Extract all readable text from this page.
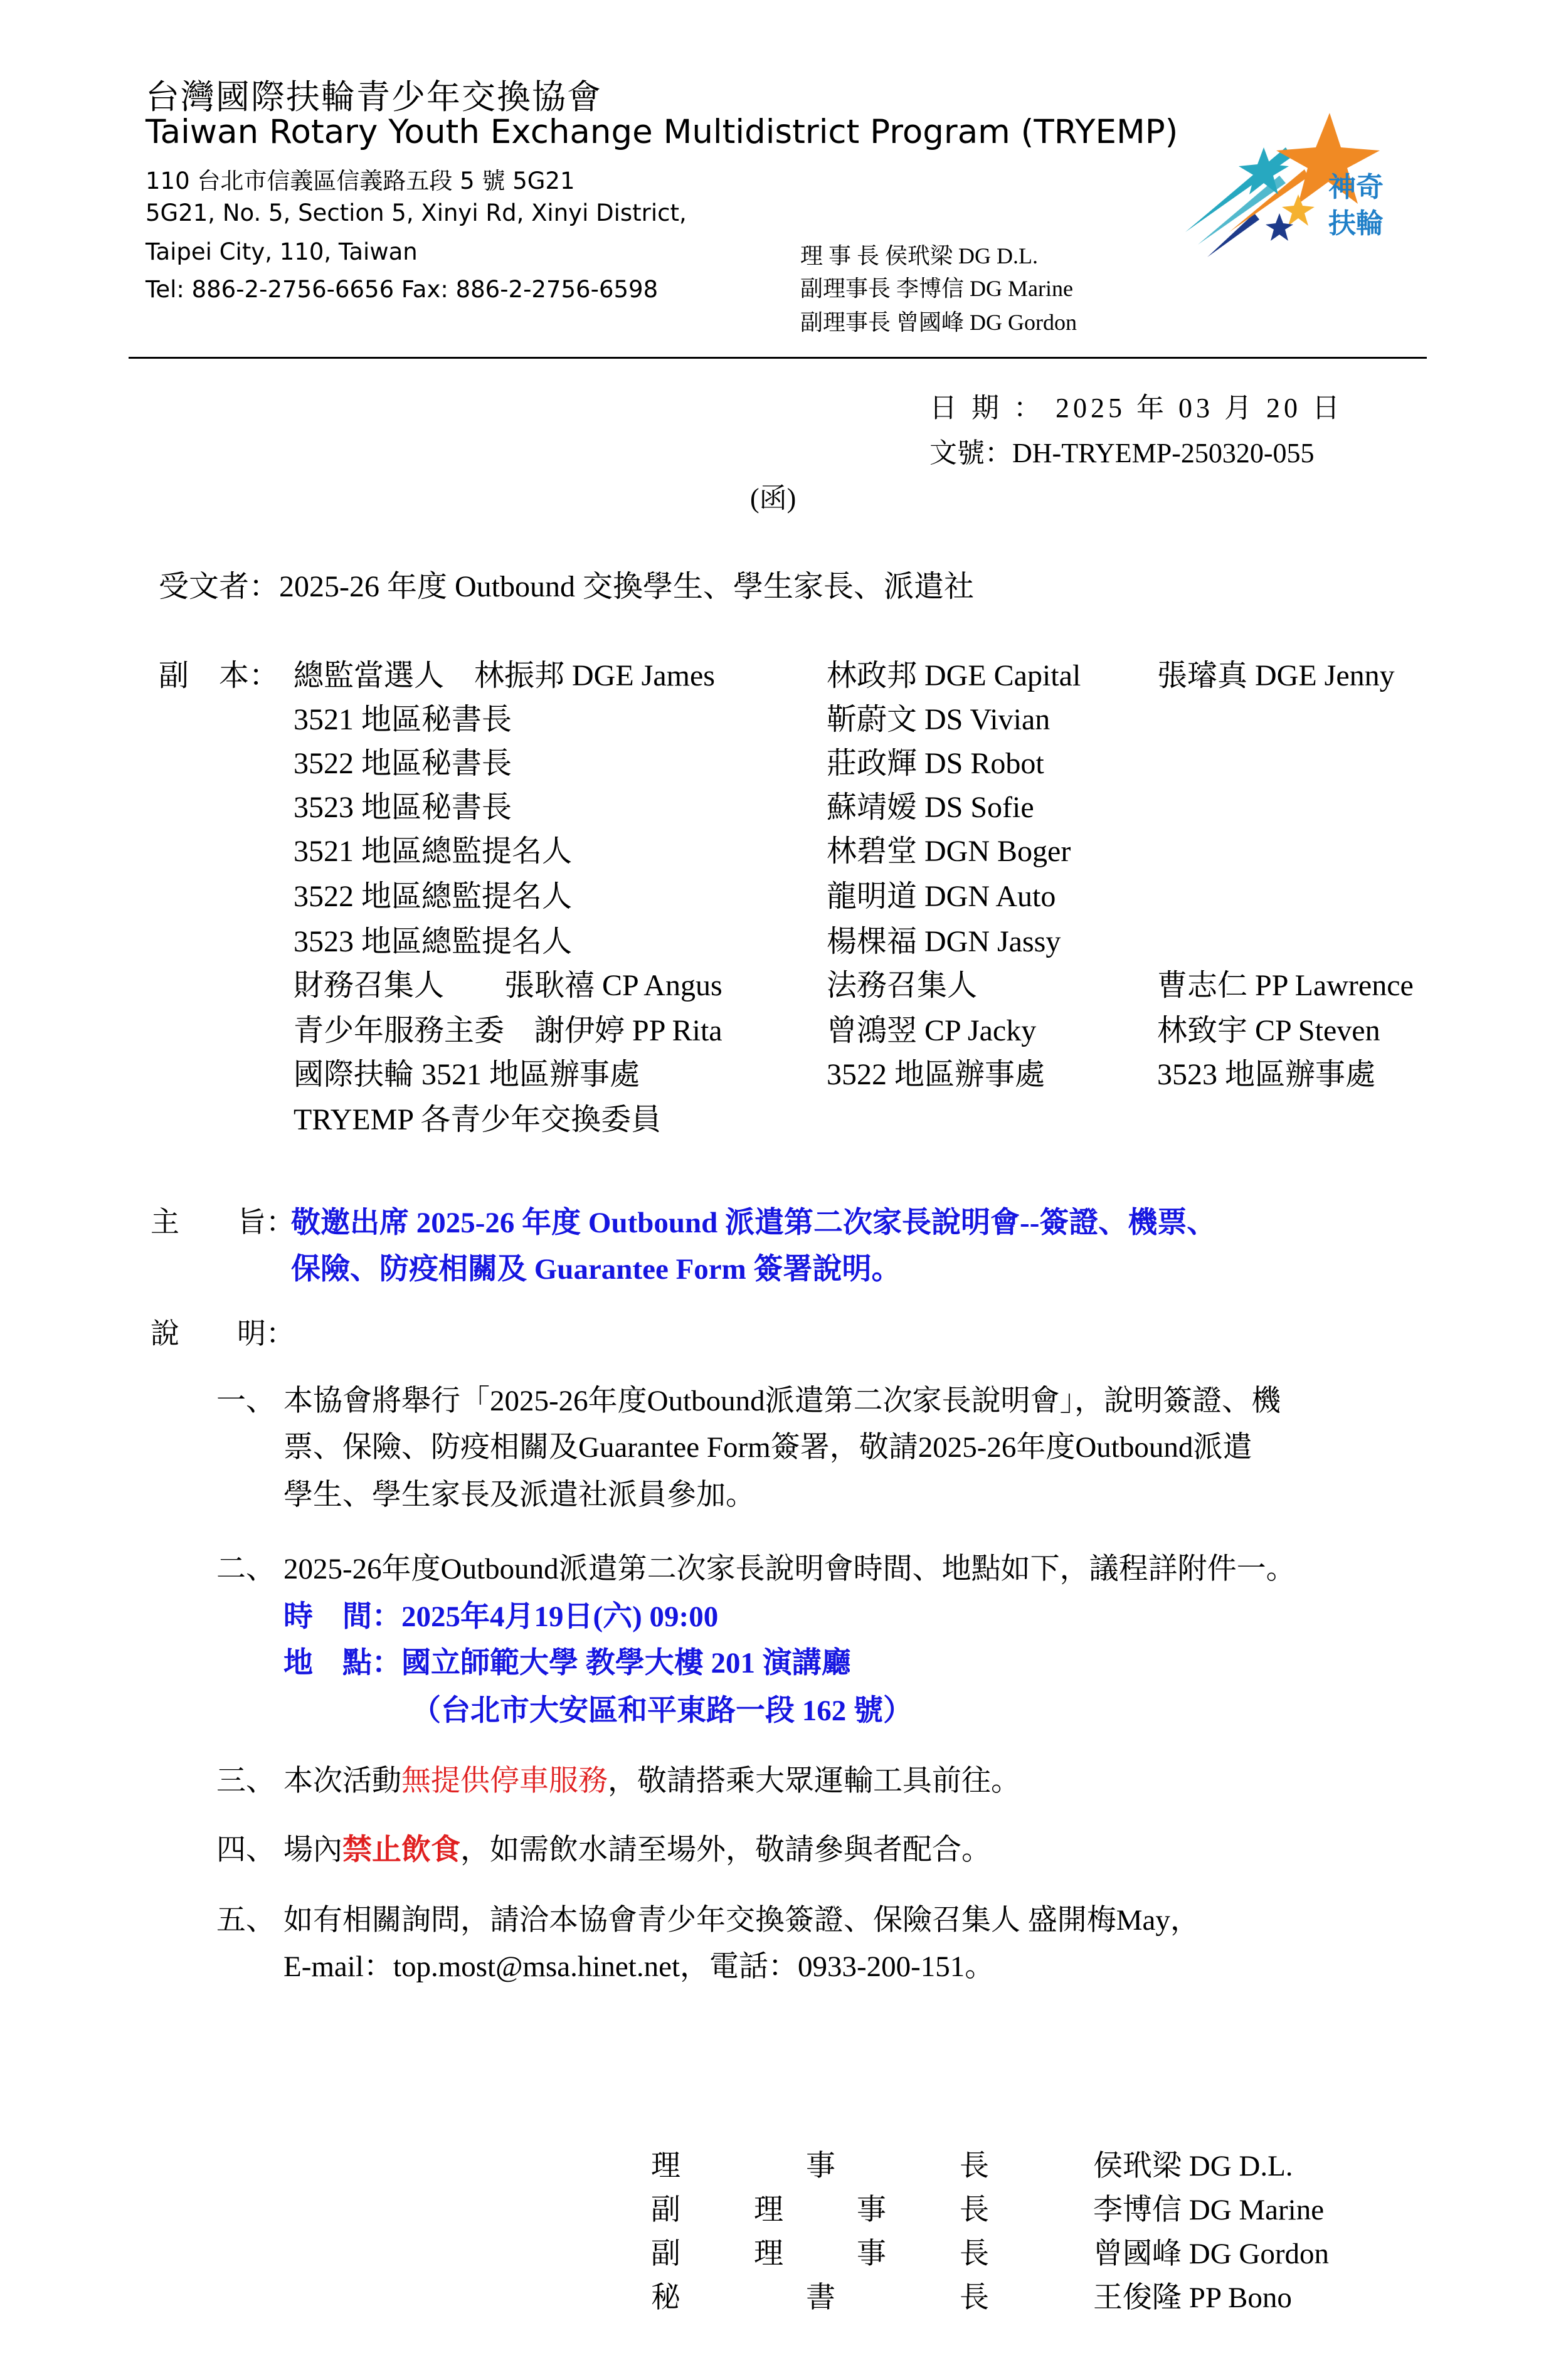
台灣國際扶輪青少年交換協會
Taiwan Rotary Youth Exchange Multidistrict Program (TRYEMP)
110 台北市信義區信義路五段 5 號 5G21
5G21, No. 5, Section 5, Xinyi Rd, Xinyi District,
Taipei City, 110, Taiwan
Tel: 886-2-2756-6656 Fax: 886-2-2756-6598
理 事 長 侯玳梁 DG D.L.
副理事長 李博信 DG Marine
副理事長 曾國峰 DG Gordon
神奇扶輪
日 期 ： 2025 年 03 月 20 日
文號：DH-TRYEMP-250320-055
(函)
受文者：2025-26 年度 Outbound 交換學生、學生家長、派遣社
副　本： 總監當選人　林振邦 DGE James	林政邦 DGE Capital	張璿真 DGE Jenny
3521 地區秘書長	靳蔚文 DS Vivian
3522 地區秘書長	莊政輝 DS Robot
3523 地區秘書長	蘇靖嫒 DS Sofie
3521 地區總監提名人	林碧堂 DGN Boger
3522 地區總監提名人	龍明道 DGN Auto
3523 地區總監提名人	楊棵福 DGN Jassy
財務召集人　　張耿禧 CP Angus	法務召集人	曹志仁 PP Lawrence
青少年服務主委　謝伊婷 PP Rita	曾鴻翌 CP Jacky	林致宇 CP Steven
國際扶輪 3521 地區辦事處	3522 地區辦事處	3523 地區辦事處
TRYEMP 各青少年交換委員
主　　旨：
敬邀出席 2025-26 年度 Outbound 派遣第二次家長說明會--簽證、機票、
保險、防疫相關及 Guarantee Form 簽署說明。
說　　明：
一、 本協會將舉行「2025-26年度Outbound派遣第二次家長說明會」，說明簽證、機
票、保險、防疫相關及Guarantee Form簽署，敬請2025-26年度Outbound派遣
學生、學生家長及派遣社派員參加。
二、 2025-26年度Outbound派遣第二次家長說明會時間、地點如下，議程詳附件一。
時　間：2025年4月19日(六) 09:00
地　點：國立師範大學 教學大樓 201 演講廳
（台北市大安區和平東路一段 162 號）
三、 本次活動無提供停車服務，敬請搭乘大眾運輸工具前往。
四、 場內禁止飲食，如需飲水請至場外，敬請參與者配合。
五、 如有相關詢問，請洽本協會青少年交換簽證、保險召集人 盛開梅May，
E-mail：top.most@msa.hinet.net，電話：0933-200-151。
理	事	長	侯玳梁 DG D.L.
副 理 事 長	李博信 DG Marine
副 理 事 長	曾國峰 DG Gordon
秘	書	長	王俊隆 PP Bono
